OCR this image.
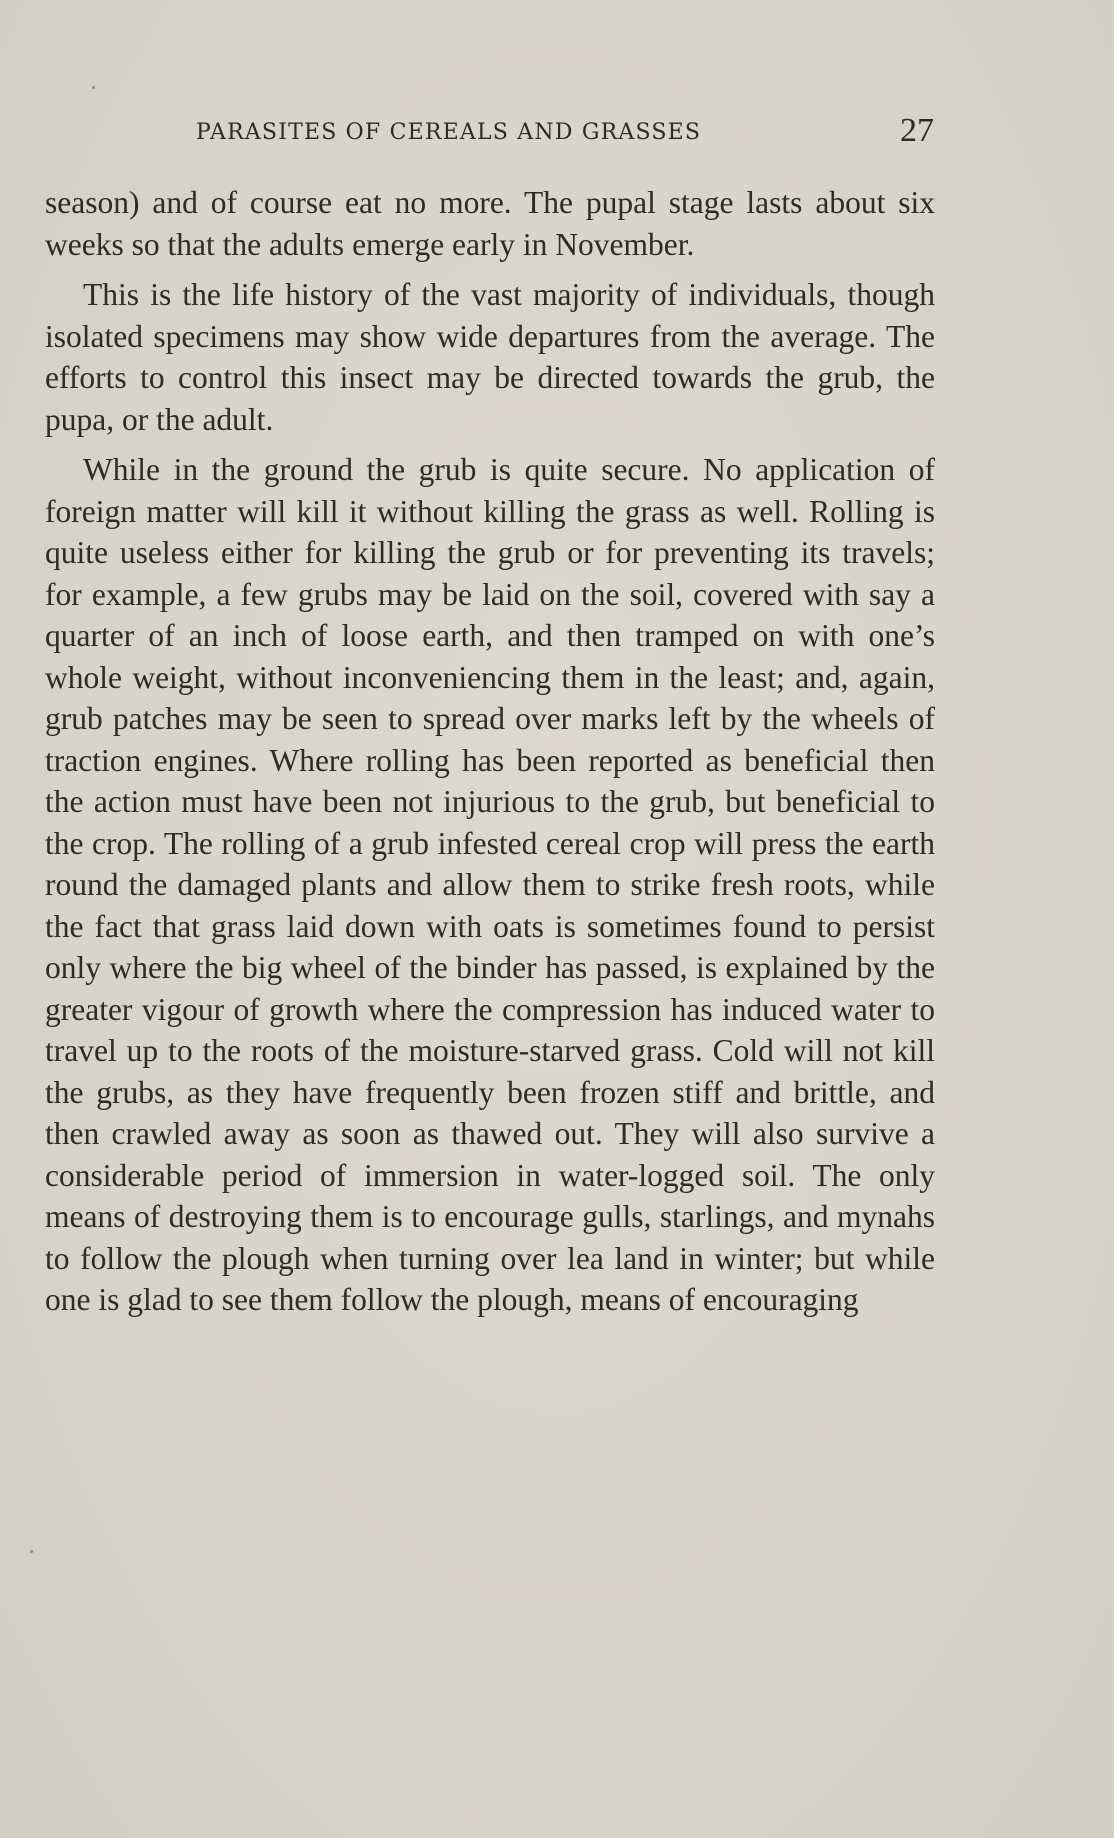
PARASITES OF CEREALS AND GRASSES	27

season) and of course eat no more. The pupal stage lasts about six weeks so that the adults emerge early in November.

This is the life history of the vast majority of individuals, though isolated specimens may show wide departures from the average. The efforts to control this insect may be directed towards the grub, the pupa, or the adult.

While in the ground the grub is quite secure. No application of foreign matter will kill it without killing the grass as well. Rolling is quite useless either for killing the grub or for preventing its travels; for example, a few grubs may be laid on the soil, covered with say a quarter of an inch of loose earth, and then tramped on with one’s whole weight, without inconveniencing them in the least; and, again, grub patches may be seen to spread over marks left by the wheels of traction engines. Where rolling has been reported as beneficial then the action must have been not injurious to the grub, but beneficial to the crop. The rolling of a grub infested cereal crop will press the earth round the damaged plants and allow them to strike fresh roots, while the fact that grass laid down with oats is sometimes found to persist only where the big wheel of the binder has passed, is explained by the greater vigour of growth where the compression has induced water to travel up to the roots of the moisture-starved grass. Cold will not kill the grubs, as they have frequently been frozen stiff and brittle, and then crawled away as soon as thawed out. They will also survive a considerable period of immersion in water-logged soil. The only means of destroying them is to encourage gulls, starlings, and mynahs to follow the plough when turning over lea land in winter; but while one is glad to see them follow the plough, means of encouraging
